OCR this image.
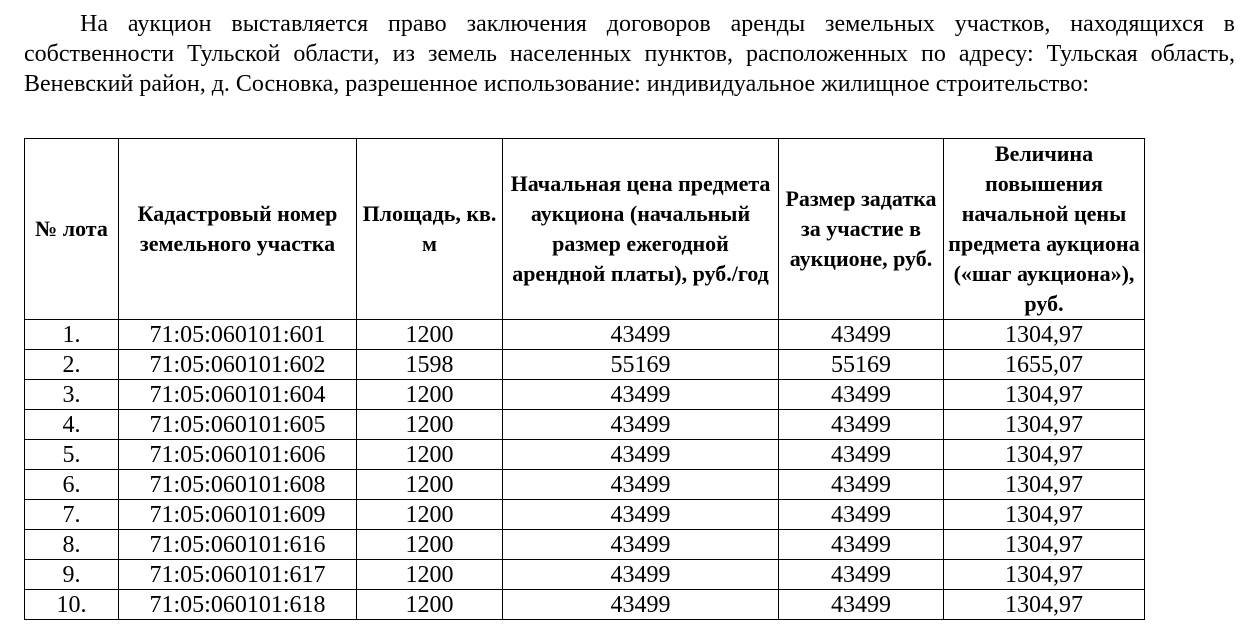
На аукцион выставляется право заключения договоров аренды земельных участков, находящихся в собственности Тульской области, из земель населенных пунктов, расположенных по адресу: Тульская область, Веневский район, д. Сосновка, разрешенное использование: индивидуальное жилищное строительство:

№ лота	Кадастровый номер земельного участка	Площадь, кв. м	Начальная цена предмета аукциона (начальный размер ежегодной арендной платы), руб./год	Размер задатка за участие в аукционе, руб.	Величина повышения начальной цены предмета аукциона («шаг аукциона»), руб.
1.	71:05:060101:601	1200	43499	43499	1304,97
2.	71:05:060101:602	1598	55169	55169	1655,07
3.	71:05:060101:604	1200	43499	43499	1304,97
4.	71:05:060101:605	1200	43499	43499	1304,97
5.	71:05:060101:606	1200	43499	43499	1304,97
6.	71:05:060101:608	1200	43499	43499	1304,97
7.	71:05:060101:609	1200	43499	43499	1304,97
8.	71:05:060101:616	1200	43499	43499	1304,97
9.	71:05:060101:617	1200	43499	43499	1304,97
10.	71:05:060101:618	1200	43499	43499	1304,97
